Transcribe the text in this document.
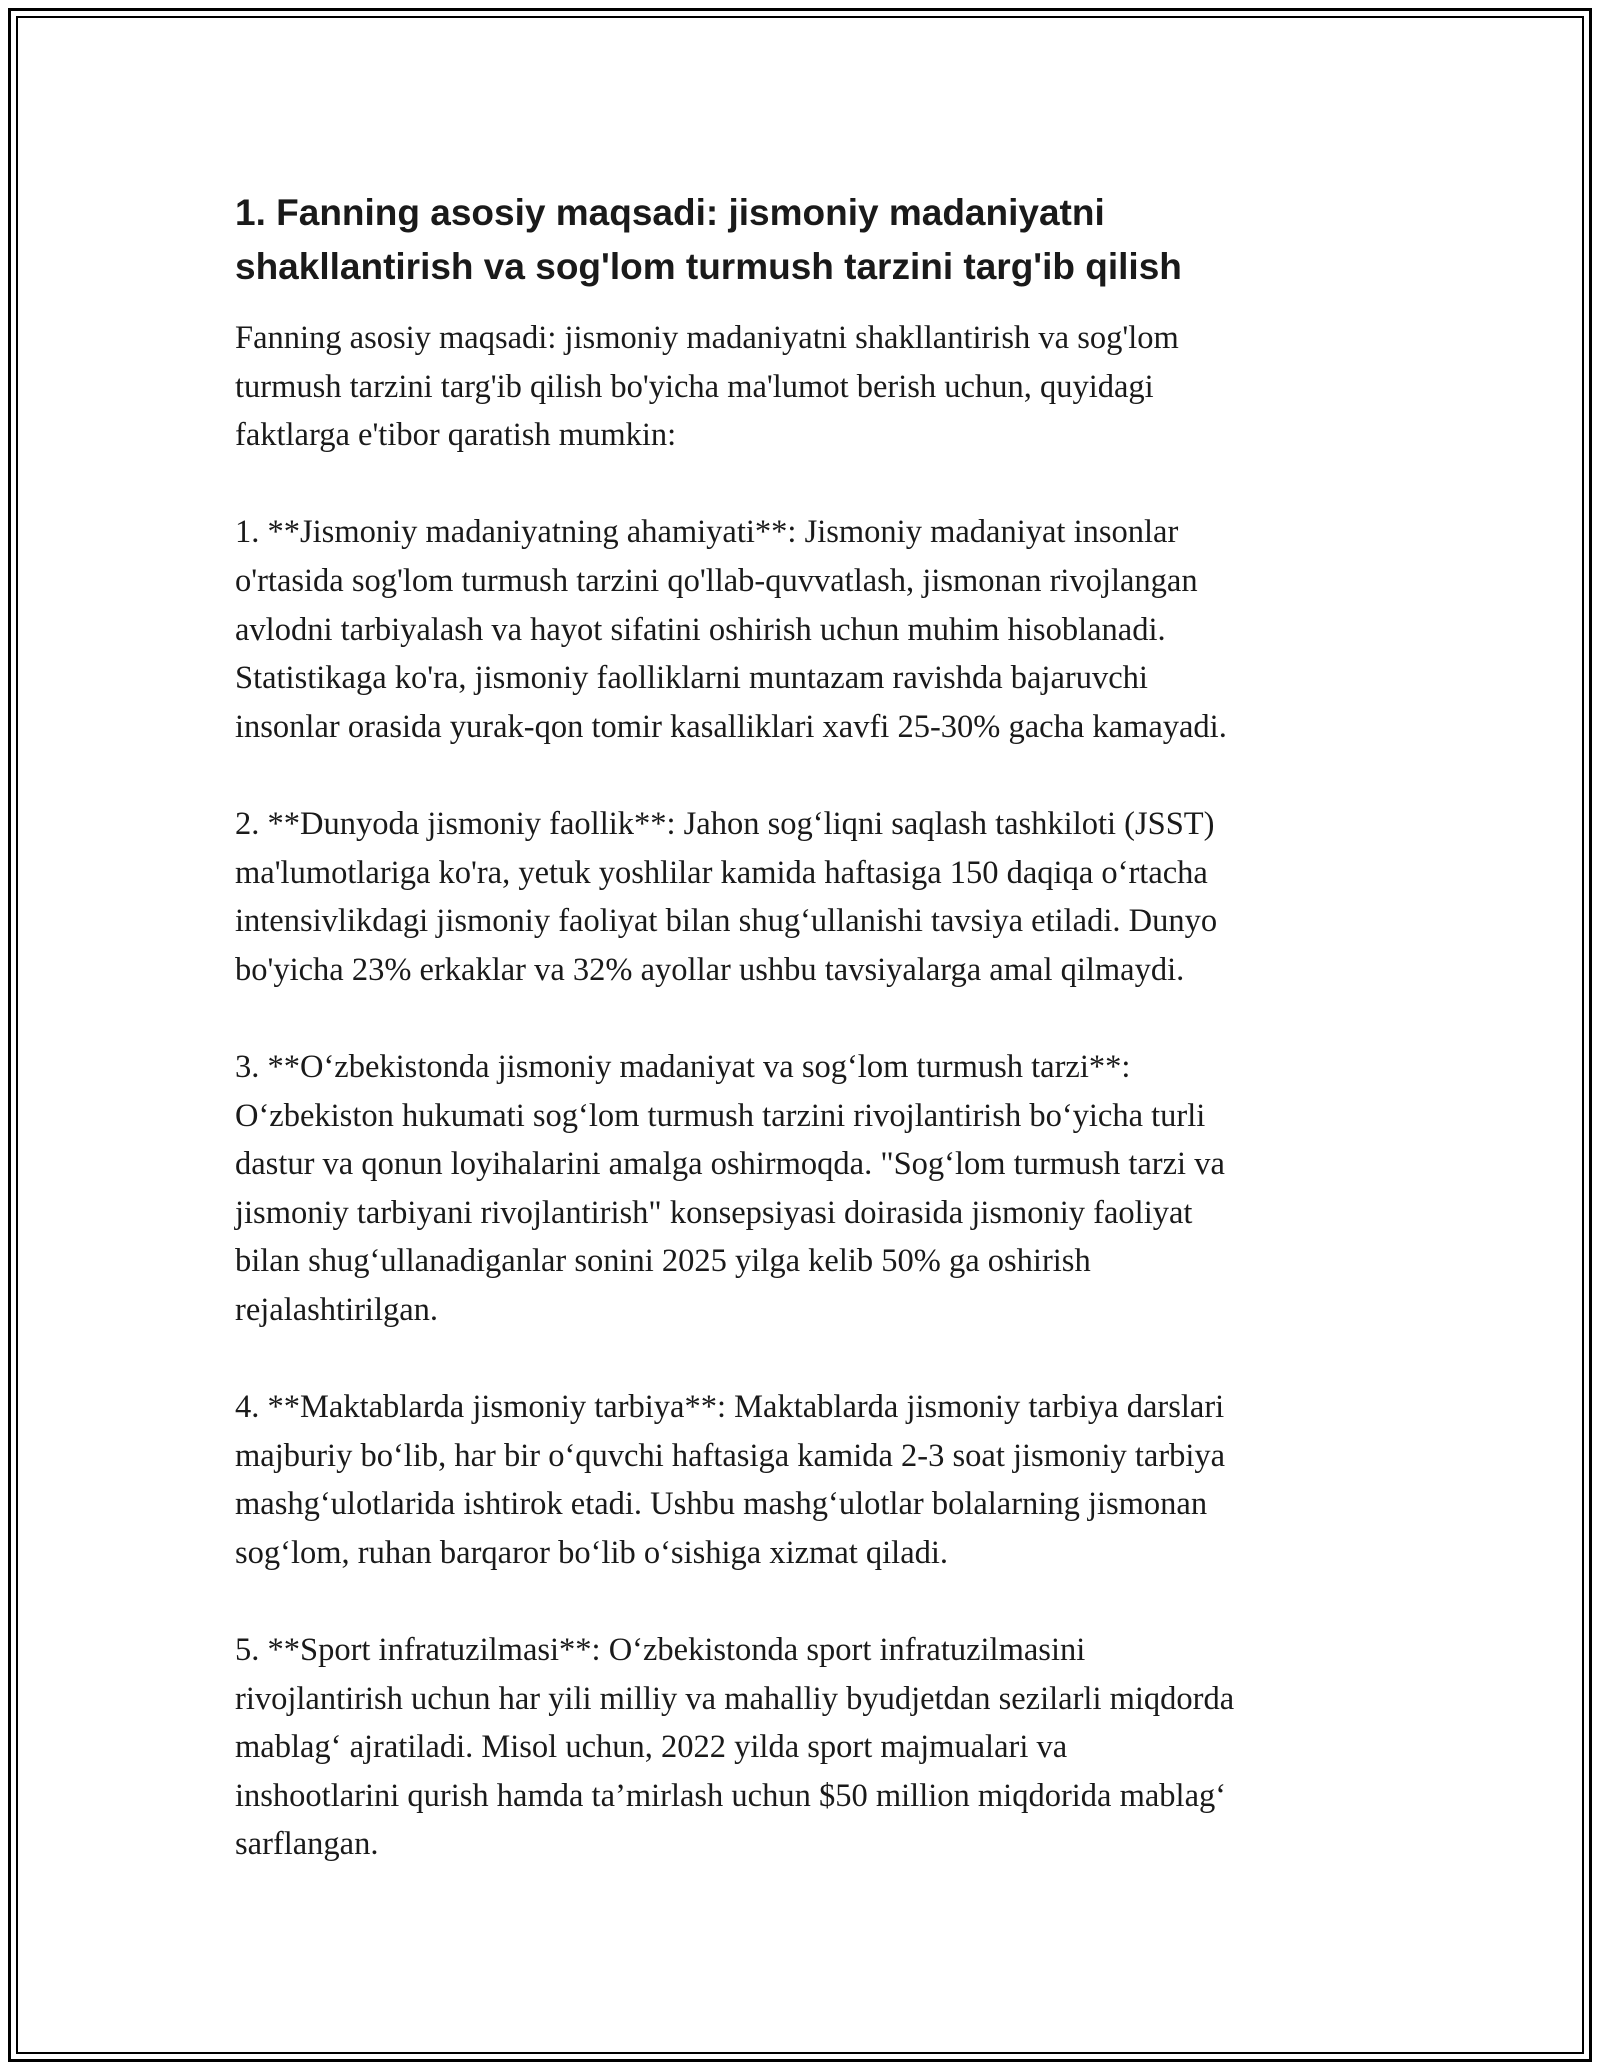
1. Fanning asosiy maqsadi: jismoniy madaniyatni
shakllantirish va sog'lom turmush tarzini targ'ib qilish

Fanning asosiy maqsadi: jismoniy madaniyatni shakllantirish va sog'lom
turmush tarzini targ'ib qilish bo'yicha ma'lumot berish uchun, quyidagi
faktlarga e'tibor qaratish mumkin:

1. **Jismoniy madaniyatning ahamiyati**: Jismoniy madaniyat insonlar
o'rtasida sog'lom turmush tarzini qo'llab-quvvatlash, jismonan rivojlangan
avlodni tarbiyalash va hayot sifatini oshirish uchun muhim hisoblanadi.
Statistikaga ko'ra, jismoniy faolliklarni muntazam ravishda bajaruvchi
insonlar orasida yurak-qon tomir kasalliklari xavfi 25-30% gacha kamayadi.

2. **Dunyoda jismoniy faollik**: Jahon sog‘liqni saqlash tashkiloti (JSST)
ma'lumotlariga ko'ra, yetuk yoshlilar kamida haftasiga 150 daqiqa o‘rtacha
intensivlikdagi jismoniy faoliyat bilan shug‘ullanishi tavsiya etiladi. Dunyo
bo'yicha 23% erkaklar va 32% ayollar ushbu tavsiyalarga amal qilmaydi.

3. **O‘zbekistonda jismoniy madaniyat va sog‘lom turmush tarzi**:
O‘zbekiston hukumati sog‘lom turmush tarzini rivojlantirish bo‘yicha turli
dastur va qonun loyihalarini amalga oshirmoqda. "Sog‘lom turmush tarzi va
jismoniy tarbiyani rivojlantirish" konsepsiyasi doirasida jismoniy faoliyat
bilan shug‘ullanadiganlar sonini 2025 yilga kelib 50% ga oshirish
rejalashtirilgan.

4. **Maktablarda jismoniy tarbiya**: Maktablarda jismoniy tarbiya darslari
majburiy bo‘lib, har bir o‘quvchi haftasiga kamida 2-3 soat jismoniy tarbiya
mashg‘ulotlarida ishtirok etadi. Ushbu mashg‘ulotlar bolalarning jismonan
sog‘lom, ruhan barqaror bo‘lib o‘sishiga xizmat qiladi.

5. **Sport infratuzilmasi**: O‘zbekistonda sport infratuzilmasini
rivojlantirish uchun har yili milliy va mahalliy byudjetdan sezilarli miqdorda
mablag‘ ajratiladi. Misol uchun, 2022 yilda sport majmualari va
inshootlarini qurish hamda ta’mirlash uchun $50 million miqdorida mablag‘
sarflangan.
